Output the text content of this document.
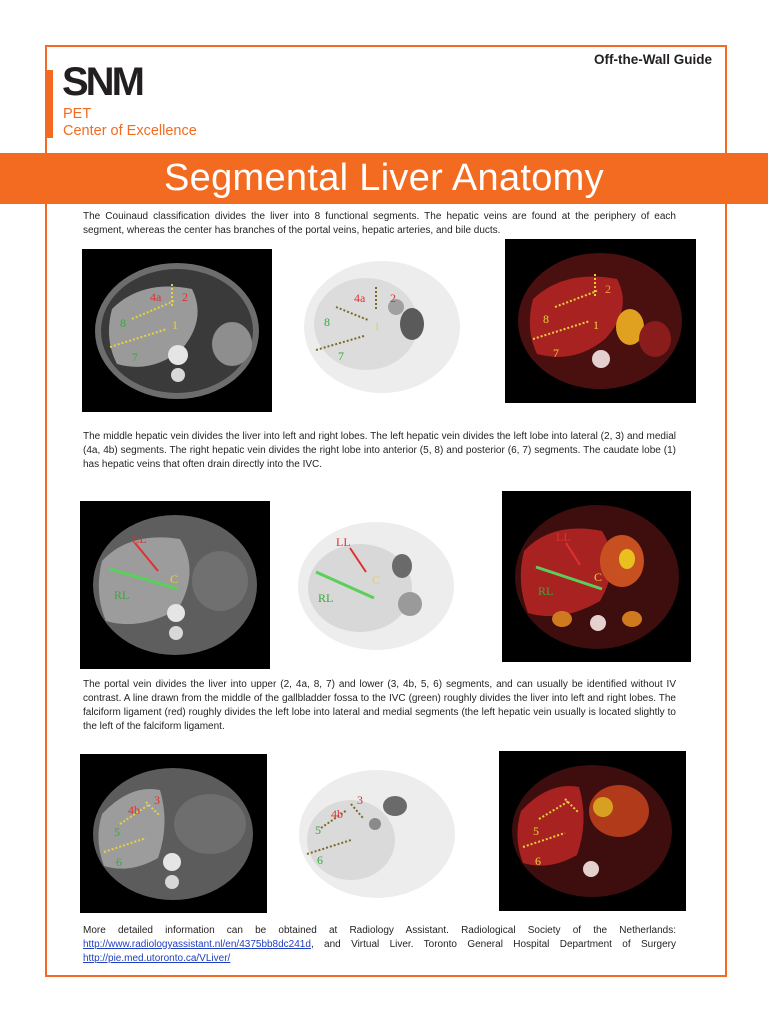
SNM
PET
Center of Excellence
Off-the-Wall Guide
Segmental Liver Anatomy

The Couinaud classification divides the liver into 8 functional segments. The hepatic veins are found at the periphery of each segment, whereas the center has branches of the portal veins, hepatic arteries, and bile ducts.

4a 2
8	1
7
4a 2
8	1
7
2
8	1
7

The middle hepatic vein divides the liver into left and right lobes. The left hepatic vein divides the left lobe into lateral (2, 3) and medial (4a, 4b) segments. The right hepatic vein divides the right lobe into anterior (5, 8) and posterior (6, 7) segments. The caudate lobe (1) has hepatic veins that often drain directly into the IVC.

LL
C
RL
LL
C
RL
LL
C
RL

The portal vein divides the liver into upper (2, 4a, 8, 7) and lower (3, 4b, 5, 6) segments, and can usually be identified without IV contrast. A line drawn from the middle of the gallbladder fossa to the IVC (green) roughly divides the liver into left and right lobes. The falciform ligament (red) roughly divides the left lobe into lateral and medial segments (the left hepatic vein usually is located slightly to the left of the falciform ligament.

4b
3
5
6
4b
3
5
6
5
6

More detailed information can be obtained at Radiology Assistant. Radiological Society of the Netherlands: http://www.radiologyassistant.nl/en/4375bb8dc241d, and Virtual Liver. Toronto General Hospital Department of Surgery http://pie.med.utoronto.ca/VLiver/
